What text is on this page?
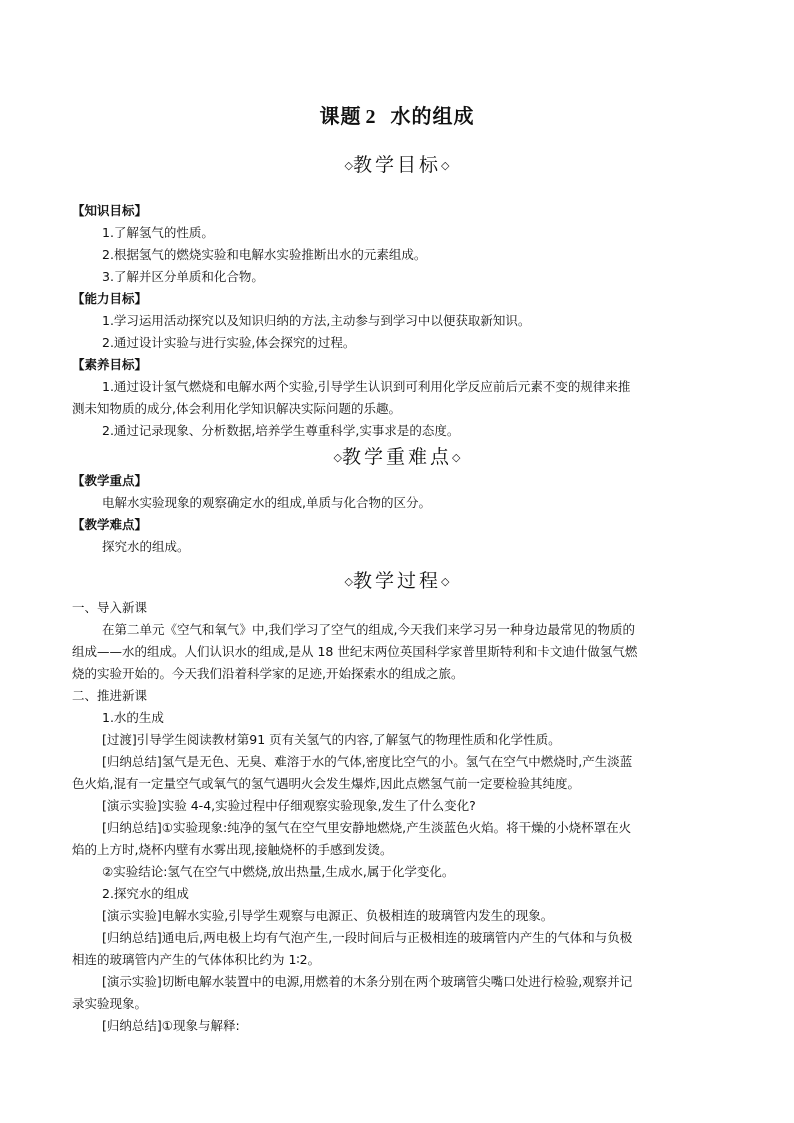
课题 2 水的组成
◇教学目标◇
【知识目标】
1.了解氢气的性质。
2.根据氢气的燃烧实验和电解水实验推断出水的元素组成。
3.了解并区分单质和化合物。
【能力目标】
1.学习运用活动探究以及知识归纳的方法,主动参与到学习中以便获取新知识。
2.通过设计实验与进行实验,体会探究的过程。
【素养目标】
1.通过设计氢气燃烧和电解水两个实验,引导学生认识到可利用化学反应前后元素不变的规律来推
测未知物质的成分,体会利用化学知识解决实际问题的乐趣。
2.通过记录现象、分析数据,培养学生尊重科学,实事求是的态度。
◇教学重难点◇
【教学重点】
电解水实验现象的观察确定水的组成,单质与化合物的区分。
【教学难点】
探究水的组成。
◇教学过程◇
一、导入新课
在第二单元《空气和氧气》中,我们学习了空气的组成,今天我们来学习另一种身边最常见的物质的
组成——水的组成。人们认识水的组成,是从 18 世纪末两位英国科学家普里斯特利和卡文迪什做氢气燃
烧的实验开始的。今天我们沿着科学家的足迹,开始探索水的组成之旅。
二、推进新课
1.水的生成
[过渡]引导学生阅读教材第91 页有关氢气的内容,了解氢气的物理性质和化学性质。
[归纳总结]氢气是无色、无臭、难溶于水的气体,密度比空气的小。氢气在空气中燃烧时,产生淡蓝
色火焰,混有一定量空气或氧气的氢气遇明火会发生爆炸,因此点燃氢气前一定要检验其纯度。
[演示实验]实验 4-4,实验过程中仔细观察实验现象,发生了什么变化?
[归纳总结]①实验现象:纯净的氢气在空气里安静地燃烧,产生淡蓝色火焰。将干燥的小烧杯罩在火
焰的上方时,烧杯内壁有水雾出现,接触烧杯的手感到发烫。
②实验结论:氢气在空气中燃烧,放出热量,生成水,属于化学变化。
2.探究水的组成
[演示实验]电解水实验,引导学生观察与电源正、负极相连的玻璃管内发生的现象。
[归纳总结]通电后,两电极上均有气泡产生,一段时间后与正极相连的玻璃管内产生的气体和与负极
相连的玻璃管内产生的气体体积比约为 1∶2。
[演示实验]切断电解水装置中的电源,用燃着的木条分别在两个玻璃管尖嘴口处进行检验,观察并记
录实验现象。
[归纳总结]①现象与解释:
